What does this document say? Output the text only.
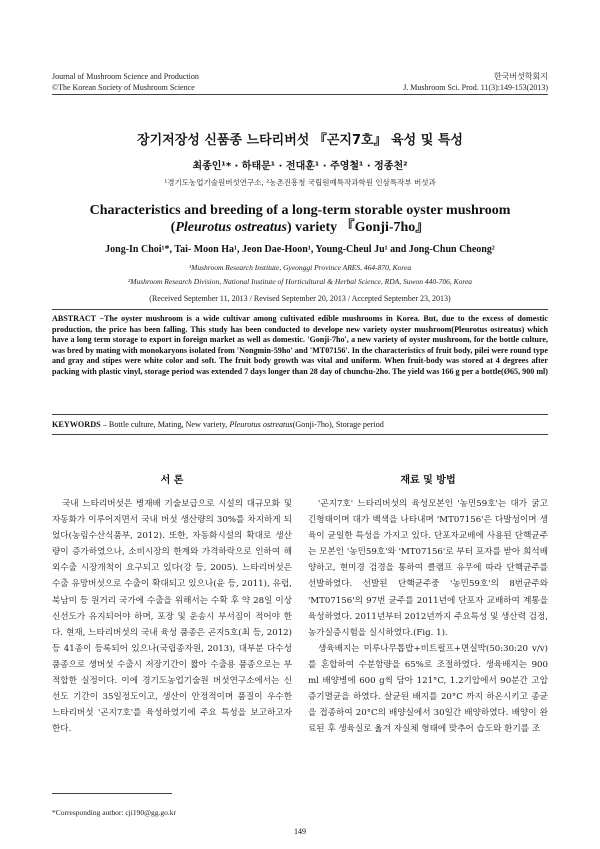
Journal of Mushroom Science and Production
©The Korean Society of Mushroom Science
한국버섯학회지
J. Mushroom Sci. Prod. 11(3):149-153(2013)
장기저장성 신품종 느타리버섯 『곤지7호』 육성 및 특성
최종인¹* · 하태문¹ · 전대훈¹ · 주영철¹ · 정종천²
¹경기도농업기술원버섯연구소, ²농촌진흥청 국립원예특작과학원 인삼특작부 버섯과
Characteristics and breeding of a long-term storable oyster mushroom
(Pleurotus ostreatus) variety 『Gonji-7ho』
Jong-In Choi¹*, Tai- Moon Ha¹, Jeon Dae-Hoon¹, Young-Cheul Ju¹ and Jong-Chun Cheong²
¹Mushroom Research Institute, Gyeonggi Province ARES, 464-870, Korea
²Mushroom Research Division, National Institute of Horticultural & Herbal Science, RDA, Suwon 440-706, Korea
(Received September 11, 2013 / Revised September 20, 2013 / Accepted September 23, 2013)
ABSTRACT −The oyster mushroom is a wide cultivar among cultivated edible mushrooms in Korea. But, due to the excess of domestic production, the price has been falling. This study has been conducted to develope new variety oyster mushroom(Pleurotus ostreatus) which have a long term storage to export in foreign market as well as domestic. 'Gonji-7ho', a new variety of oyster mushroom, for the bottle culture, was bred by mating with monokaryons isolated from 'Nongmin-59ho' and 'MT07156'. In the characteristics of fruit body, pilei were round type and gray and stipes were white color and soft. The fruit body growth was vital and uniform. When fruit-body was stored at 4 degrees after packing with plastic vinyl, storage period was extended 7 days longer than 28 day of chunchu-2ho. The yield was 166 g per a bottle(Ø65, 900 ml)
KEYWORDS – Bottle culture, Mating, New variety, Pleurotus ostreatus(Gonji-7ho), Storage period
서 론

국내 느타리버섯은 병재배 기술보급으로 시설의 대규모화 및 자동화가 이루어지면서 국내 버섯 생산량의 30%를 차지하게 되었다(농림수산식품부, 2012). 또한, 자동화시설의 확대로 생산량이 증가하였으나, 소비시장의 한계와 가격하락으로 인하여 해외수출 시장개척이 요구되고 있다(강 등, 2005). 느타리버섯은 수출 유망버섯으로 수출이 확대되고 있으나(윤 등, 2011), 유럽, 북남미 등 원거리 국가에 수출을 위해서는 수확 후 약 28일 이상 신선도가 유지되어야 하며, 포장 및 운송시 부서짐이 적어야 한다. 현재, 느타리버섯의 국내 육성 품종은 곤지5호(최 등, 2012) 등 41종이 등록되어 있으나(국립종자원, 2013), 대부분 다수성 품종으로 생버섯 수출시 저장기간이 짧아 수출용 품종으로는 부적합한 실정이다. 이에 경기도농업기술원 버섯연구소에서는 신선도 기간이 35일정도이고, 생산이 안정적이며 품질이 우수한 느타리버섯 '곤지7호'를 육성하였기에 주요 특성을 보고하고자 한다.

재료 및 방법

'곤지7호' 느타리버섯의 육성모본인 '농민59호'는 대가 굵고 긴형태이며 대가 백색을 나타내며 'MT07156'은 다발성이며 생육이 균일한 특성을 가지고 있다. 단포자교배에 사용된 단핵균주는 모본인 '농민59호'와 'MT07156'로 부터 포자를 받아 희석배양하고, 현미경 검경을 통하여 클램프 유무에 따라 단핵균주를 선발하였다. 선발된 단핵균주중 '농민59호'의 8번균주와 'MT07156'의 97번 균주를 2011년에 단포자 교배하여 계통을 육성하였다. 2011년부터 2012년까지 주요특성 및 생산력 검정, 농가실증시험을 실시하였다.(Fig. 1).

생육배지는 미루나무톱밥+비트펄프+면실박(50:30:20 v/v)를 혼합하여 수분함량을 65%로 조절하였다. 생육배지는 900 ml 배양병에 600 g씩 담아 121°C, 1.2기압에서 90분간 고압증기멸균을 하였다. 살균된 배지를 20°C 까지 하온시키고 종균을 접종하여 20°C의 배양실에서 30일간 배양하였다. 배양이 완료된 후 생육실로 옮겨 자실체 형태에 맞추어 습도와 환기를 조

*Corresponding author: cji190@gg.go.kr
149
